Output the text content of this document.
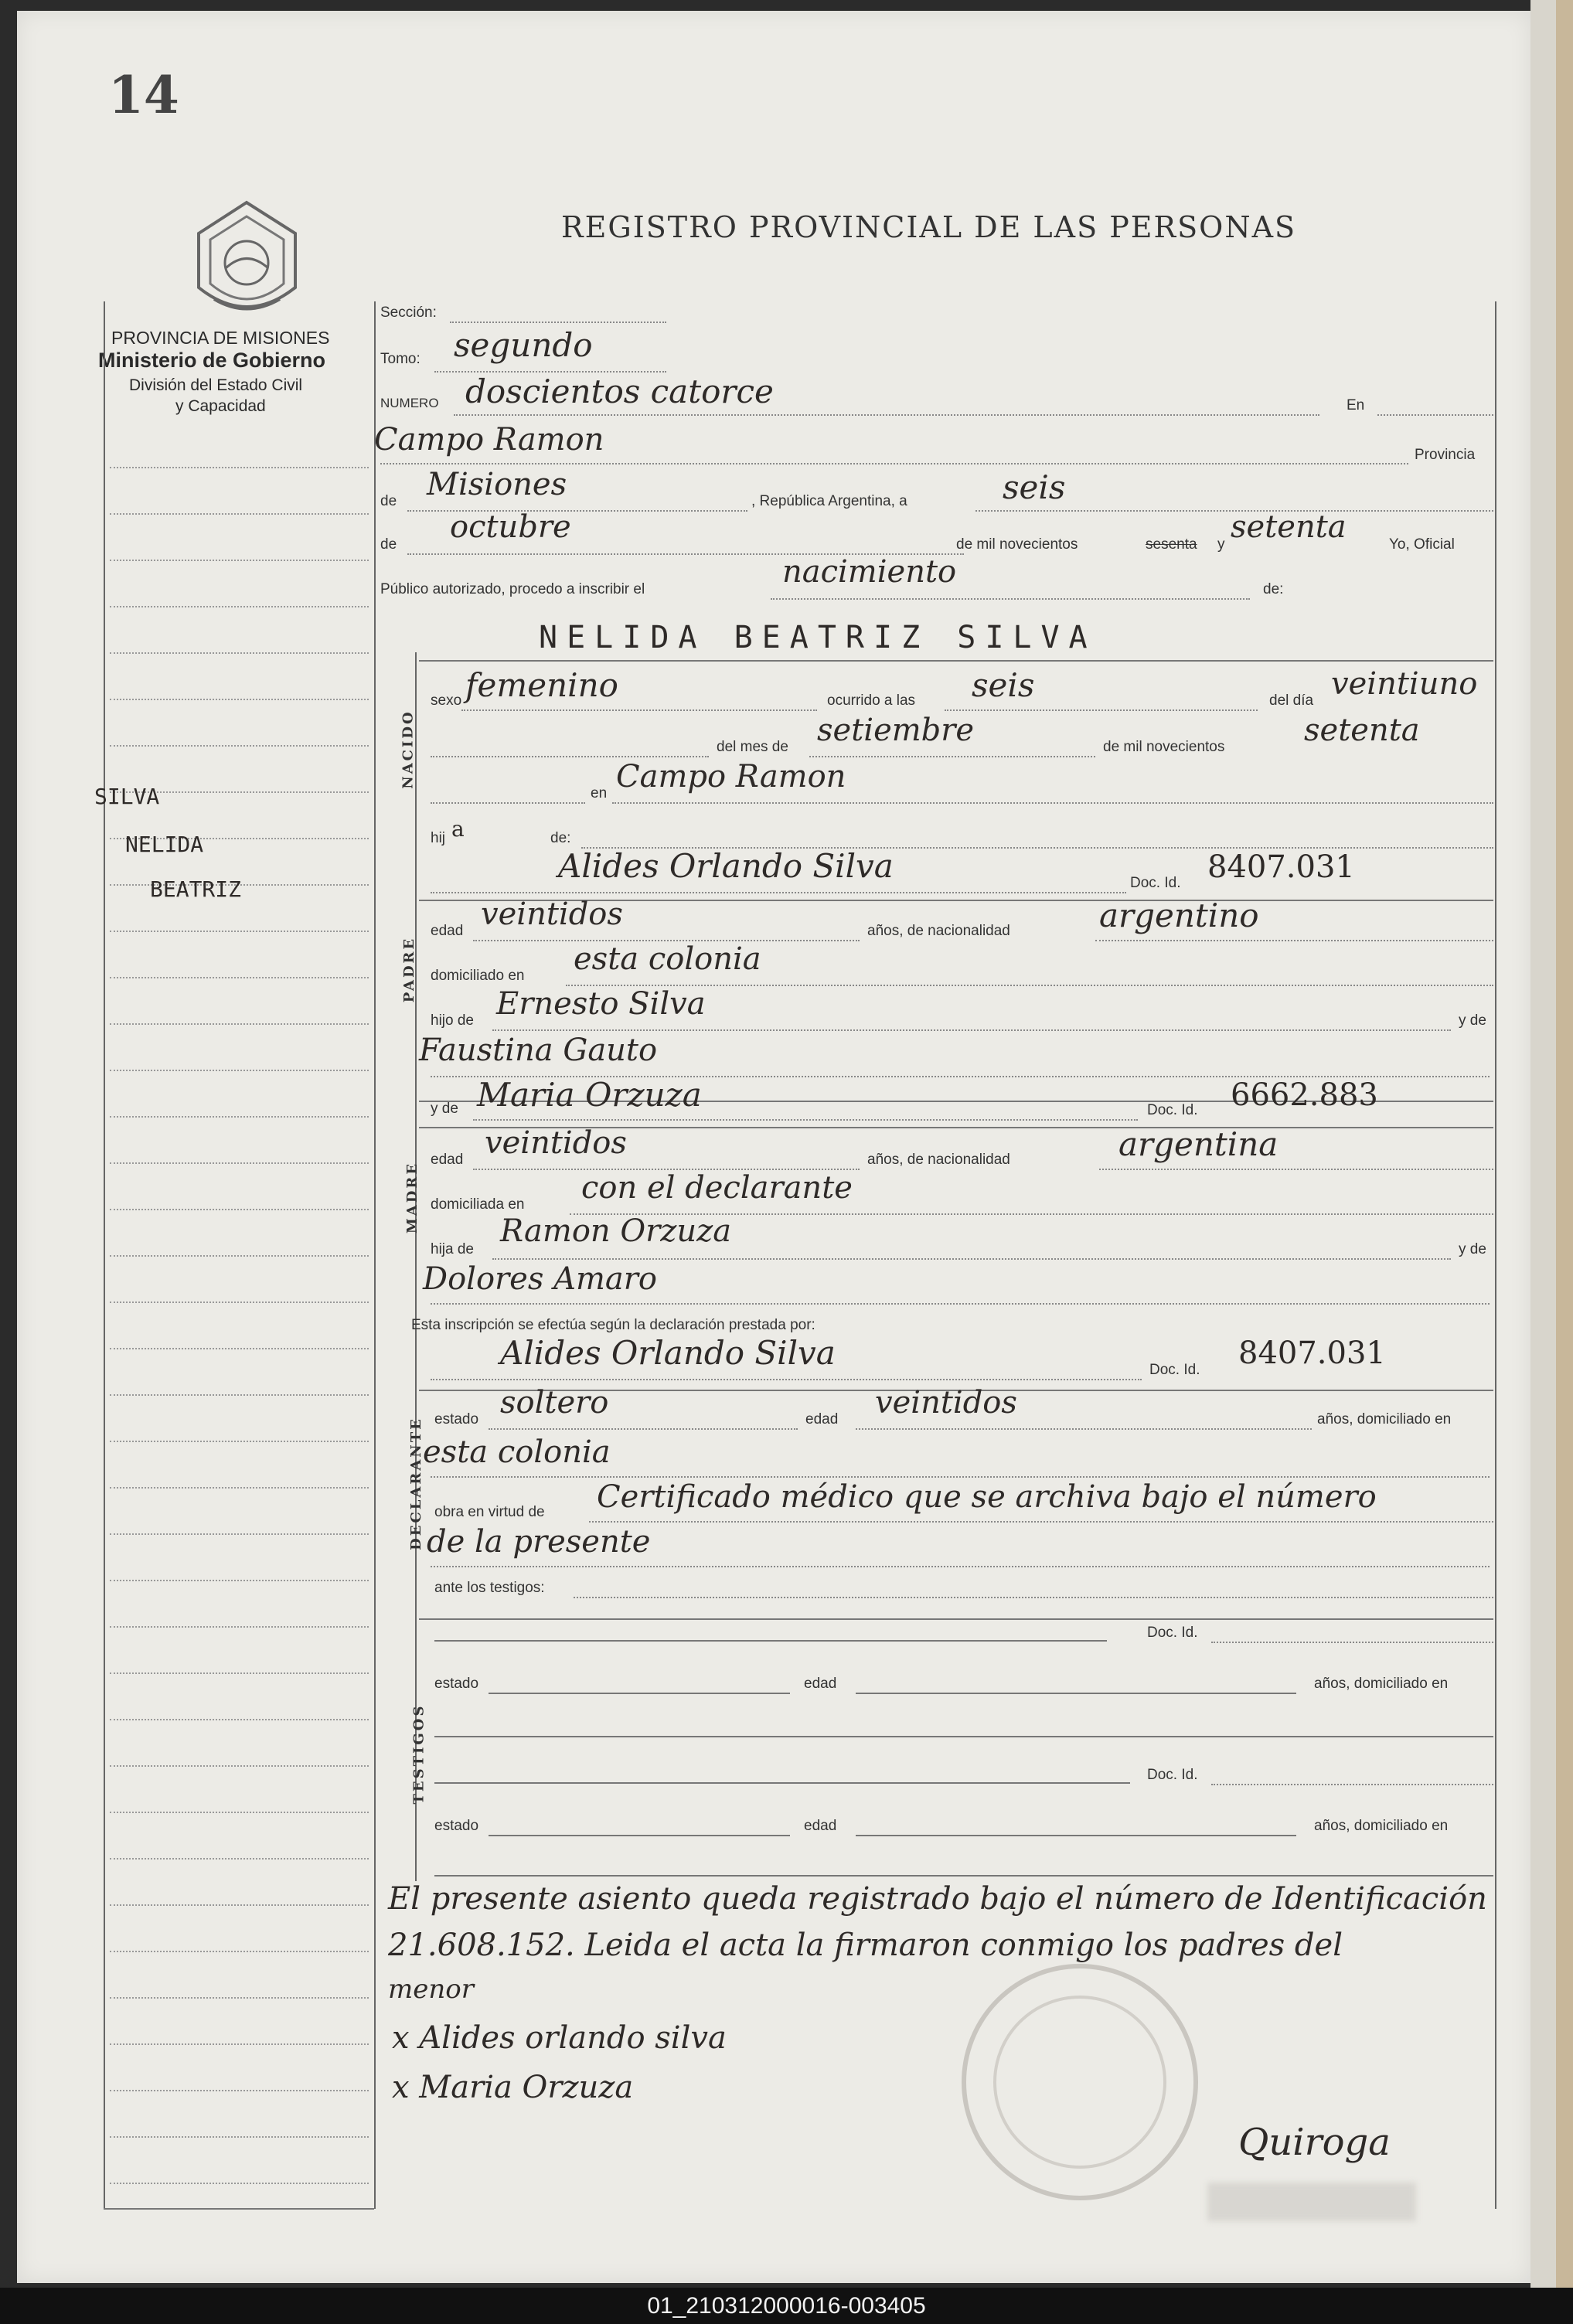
14
REGISTRO PROVINCIAL DE LAS PERSONAS
PROVINCIA DE MISIONES
Ministerio de Gobierno
División del Estado Civil
y Capacidad
SILVA
NELIDA
BEATRIZ
Sección:
Tomo: segundo
NUMERO doscientos catorce	En
Campo Ramon	Provincia
de Misiones	, República Argentina, a	seis
de octubre	de mil novecientos	sesenta y setenta	Yo, Oficial
Público autorizado, procedo a inscribir el	nacimiento	de:
NELIDA BEATRIZ SILVA
NACIDO
sexo femenino	ocurrido a las seis	del día veintiuno
del mes de setiembre	de mil novecientos	setenta
en Campo Ramon
hij a	de:
Alides Orlando Silva	Doc. Id. 8407.031
PADRE
edad veintidos	años, de nacionalidad	argentino
domiciliado en esta colonia
hijo de Ernesto Silva	y de
Faustina Gauto
y de Maria Orzuza	Doc. Id. 6662.883
MADRE
edad veintidos	años, de nacionalidad	argentina
domiciliada en con el declarante
hija de
Ramon Orzuza
y de
Dolores Amaro
Esta inscripción se efectúa según la declaración prestada por:
Alides Orlando Silva	Doc. Id. 8407.031
DECLARANTE estado soltero	edad veintidos	años, domiciliado en
esta colonia
obra en virtud de Certificado médico que se archiva bajo el número
de la presente
ante los testigos:
TESTIGOS
Doc. Id.
estado	edad	años, domiciliado en
Doc. Id.
estado	edad	años, domiciliado en
El presente asiento queda registrado bajo el número de Identificación
21.608.152. Leida el acta la firmaron conmigo los padres del
menor
x Alides orlando silva
x Maria Orzuza
Quiroga
01_210312000016-003405
